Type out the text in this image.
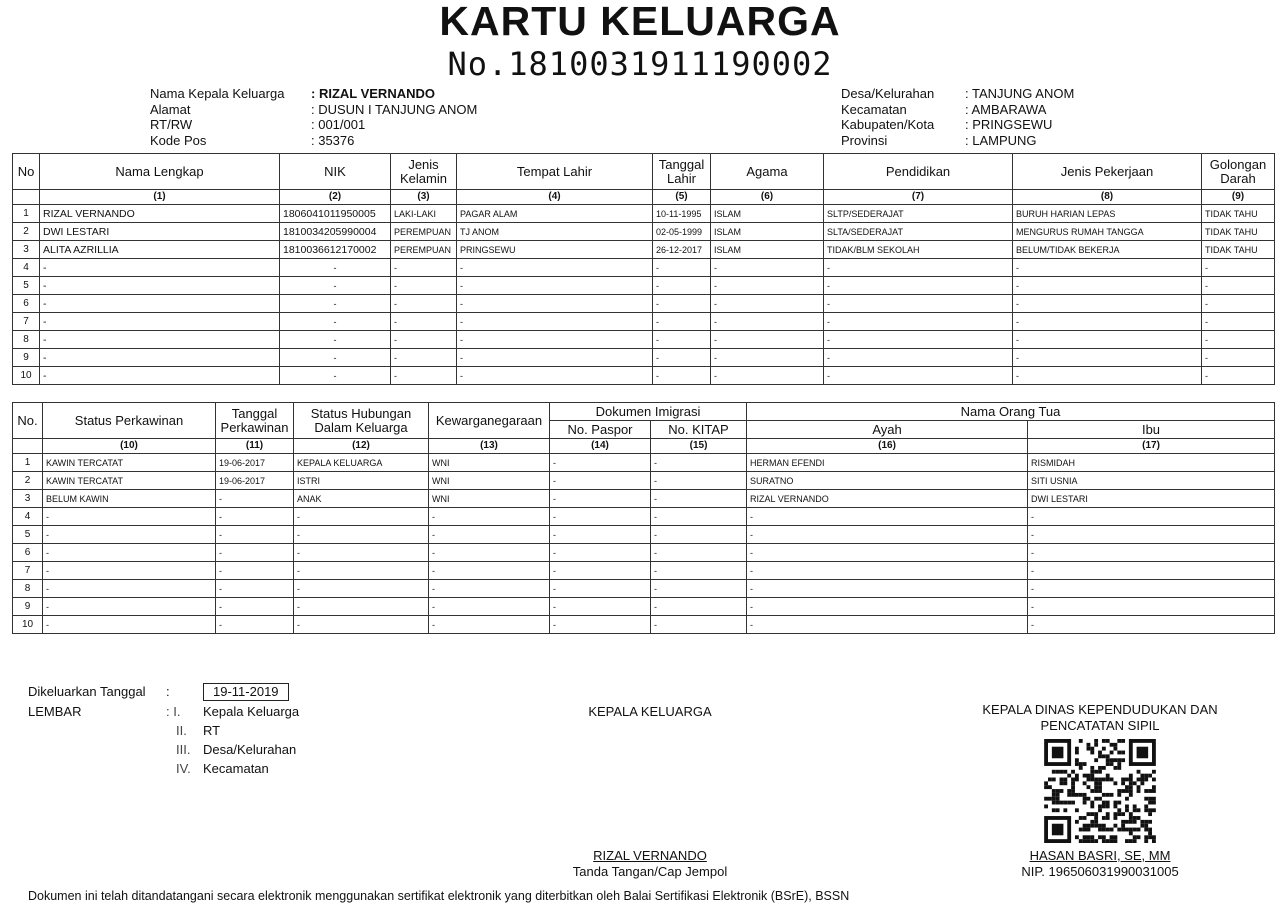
KARTU KELUARGA
No.1810031911190002
Nama Kepala Keluarga	: RIZAL VERNANDO
Alamat	: DUSUN I TANJUNG ANOM
RT/RW	: 001/001
Kode Pos	: 35376
Desa/Kelurahan	: TANJUNG ANOM
Kecamatan	: AMBARAWA
Kabupaten/Kota	: PRINGSEWU
Provinsi	: LAMPUNG
No	Nama Lengkap	NIK	Jenis Kelamin	Tempat Lahir	Tanggal Lahir	Agama	Pendidikan	Jenis Pekerjaan	Golongan Darah
	(1)	(2)	(3)	(4)	(5)	(6)	(7)	(8)	(9)
1	RIZAL VERNANDO	1806041011950005	LAKI-LAKI	PAGAR ALAM	10-11-1995	ISLAM	SLTP/SEDERAJAT	BURUH HARIAN LEPAS	TIDAK TAHU
2	DWI LESTARI	1810034205990004	PEREMPUAN	TJ ANOM	02-05-1999	ISLAM	SLTA/SEDERAJAT	MENGURUS RUMAH TANGGA	TIDAK TAHU
3	ALITA AZRILLIA	1810036612170002	PEREMPUAN	PRINGSEWU	26-12-2017	ISLAM	TIDAK/BLM SEKOLAH	BELUM/TIDAK BEKERJA	TIDAK TAHU
4	-	-	-	-	-	-	-	-	-
5	-	-	-	-	-	-	-	-	-
6	-	-	-	-	-	-	-	-	-
7	-	-	-	-	-	-	-	-	-
8	-	-	-	-	-	-	-	-	-
9	-	-	-	-	-	-	-	-	-
10	-	-	-	-	-	-	-	-	-
No.	Status Perkawinan	Tanggal Perkawinan	Status Hubungan Dalam Keluarga	Kewarganegaraan	Dokumen Imigrasi		Nama Orang Tua	
					No. Paspor	No. KITAP	Ayah	Ibu
	(10)	(11)	(12)	(13)	(14)	(15)	(16)	(17)
1	KAWIN TERCATAT	19-06-2017	KEPALA KELUARGA	WNI	-	-	HERMAN EFENDI	RISMIDAH
2	KAWIN TERCATAT	19-06-2017	ISTRI	WNI	-	-	SURATNO	SITI USNIA
3	BELUM KAWIN	-	ANAK	WNI	-	-	RIZAL VERNANDO	DWI LESTARI
4	-	-	-	-	-	-	-	-
5	-	-	-	-	-	-	-	-
6	-	-	-	-	-	-	-	-
7	-	-	-	-	-	-	-	-
8	-	-	-	-	-	-	-	-
9	-	-	-	-	-	-	-	-
10	-	-	-	-	-	-	-	-
Dikeluarkan Tanggal :	19-11-2019
LEMBAR	: I. Kepala Keluarga
II. RT
III. Desa/Kelurahan
IV. Kecamatan
KEPALA KELUARGA
RIZAL VERNANDO
Tanda Tangan/Cap Jempol
KEPALA DINAS KEPENDUDUKAN DAN
PENCATATAN SIPIL
HASAN BASRI, SE, MM
NIP. 196506031990031005
Dokumen ini telah ditandatangani secara elektronik menggunakan sertifikat elektronik yang diterbitkan oleh Balai Sertifikasi Elektronik (BSrE), BSSN
